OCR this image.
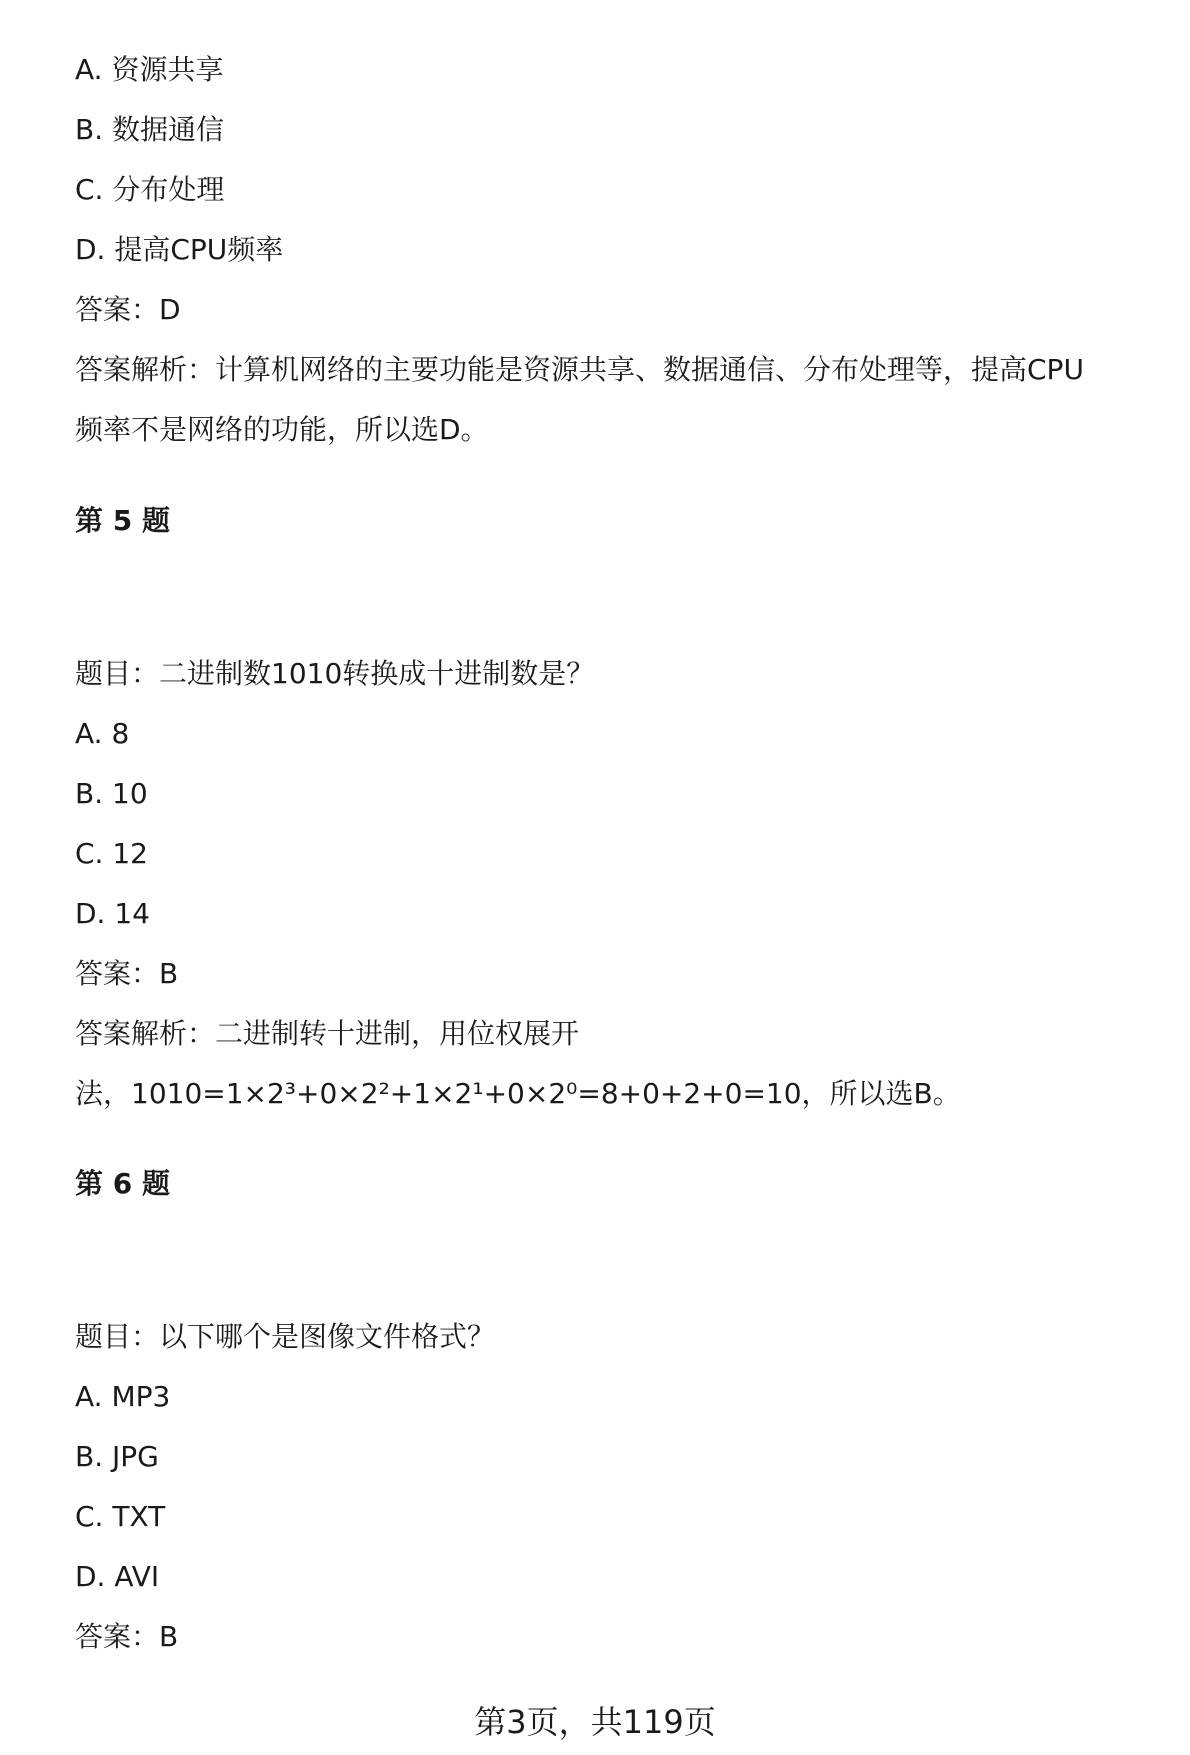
A. 资源共享
B. 数据通信
C. 分布处理
D. 提高CPU频率
答案：D
答案解析：计算机网络的主要功能是资源共享、数据通信、分布处理等，提高CPU
频率不是网络的功能，所以选D。
第 5 题
题目：二进制数1010转换成十进制数是？
A. 8
B. 10
C. 12
D. 14
答案：B
答案解析：二进制转十进制，用位权展开
法，1010=1×2³+0×2²+1×2¹+0×2⁰=8+0+2+0=10，所以选B。
第 6 题
题目：以下哪个是图像文件格式？
A. MP3
B. JPG
C. TXT
D. AVI
答案：B
第3页，共119页
